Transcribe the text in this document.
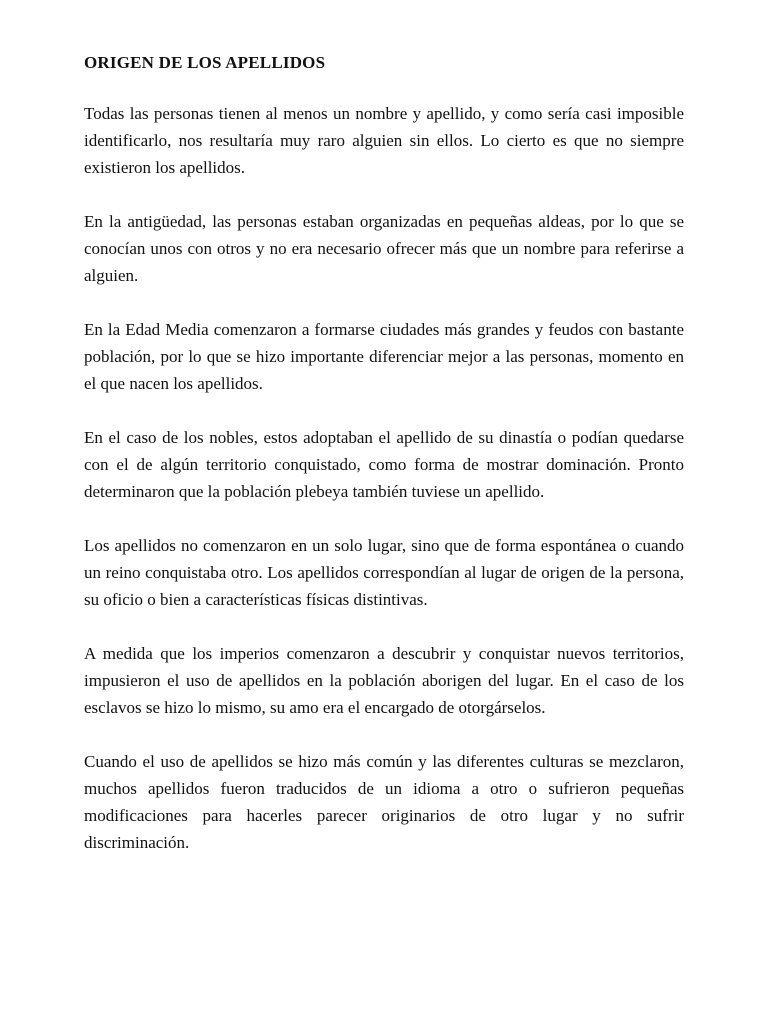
ORIGEN DE LOS APELLIDOS

Todas las personas tienen al menos un nombre y apellido, y como sería casi imposible identificarlo, nos resultaría muy raro alguien sin ellos. Lo cierto es que no siempre existieron los apellidos.

En la antigüedad, las personas estaban organizadas en pequeñas aldeas, por lo que se conocían unos con otros y no era necesario ofrecer más que un nombre para referirse a alguien.

En la Edad Media comenzaron a formarse ciudades más grandes y feudos con bastante población, por lo que se hizo importante diferenciar mejor a las personas, momento en el que nacen los apellidos.

En el caso de los nobles, estos adoptaban el apellido de su dinastía o podían quedarse con el de algún territorio conquistado, como forma de mostrar dominación. Pronto determinaron que la población plebeya también tuviese un apellido.

Los apellidos no comenzaron en un solo lugar, sino que de forma espontánea o cuando un reino conquistaba otro. Los apellidos correspondían al lugar de origen de la persona, su oficio o bien a características físicas distintivas.

A medida que los imperios comenzaron a descubrir y conquistar nuevos territorios, impusieron el uso de apellidos en la población aborigen del lugar. En el caso de los esclavos se hizo lo mismo, su amo era el encargado de otorgárselos.

Cuando el uso de apellidos se hizo más común y las diferentes culturas se mezclaron, muchos apellidos fueron traducidos de un idioma a otro o sufrieron pequeñas modificaciones para hacerles parecer originarios de otro lugar y no sufrir discriminación.
